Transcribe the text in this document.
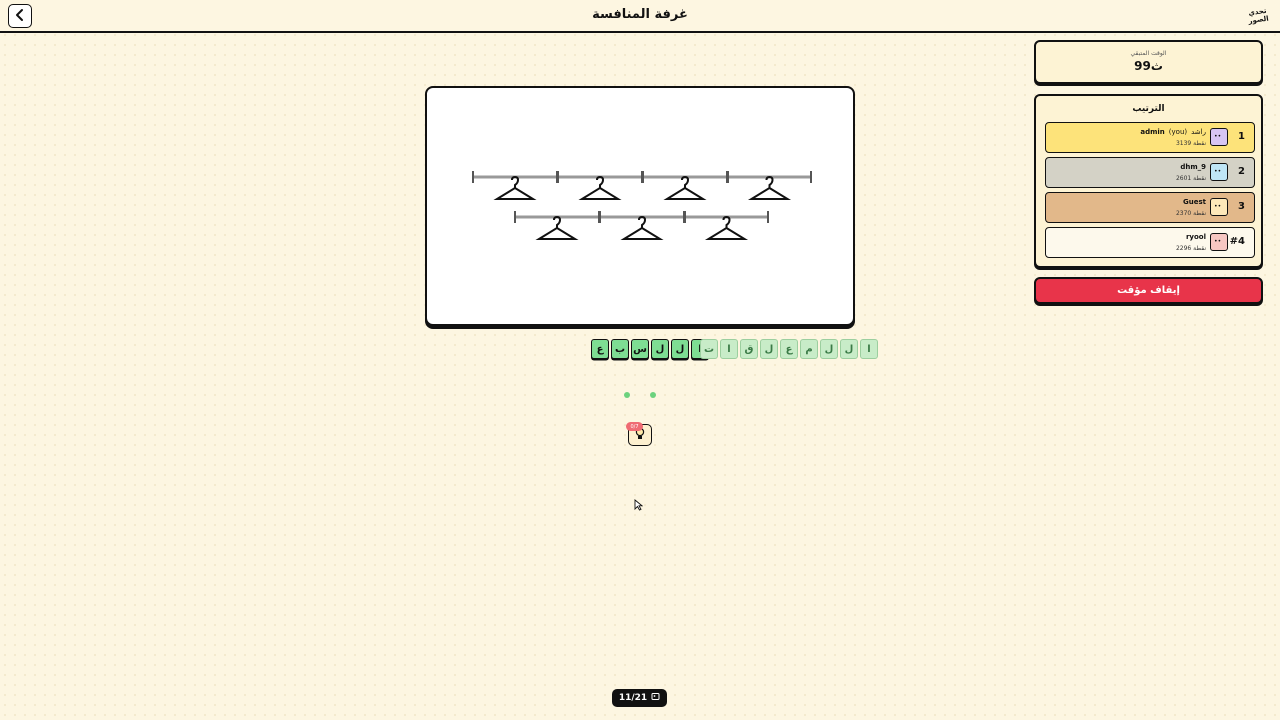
غرفة المنافسة	تحدي
الصور
الوقت المتبقي
99ث
الترتيب
1
••
admin (you) راشد
3139 نقطة
2
••
dhm_9
2601 نقطة
3
••
Guest
2370 نقطة
#4
••
ryool
2296 نقطة
إيقاف مؤقت
ل
ل
س
ب
ع	ا
ل
ل
م
ع
ل
ق
ا
ت
0/7
11/21
